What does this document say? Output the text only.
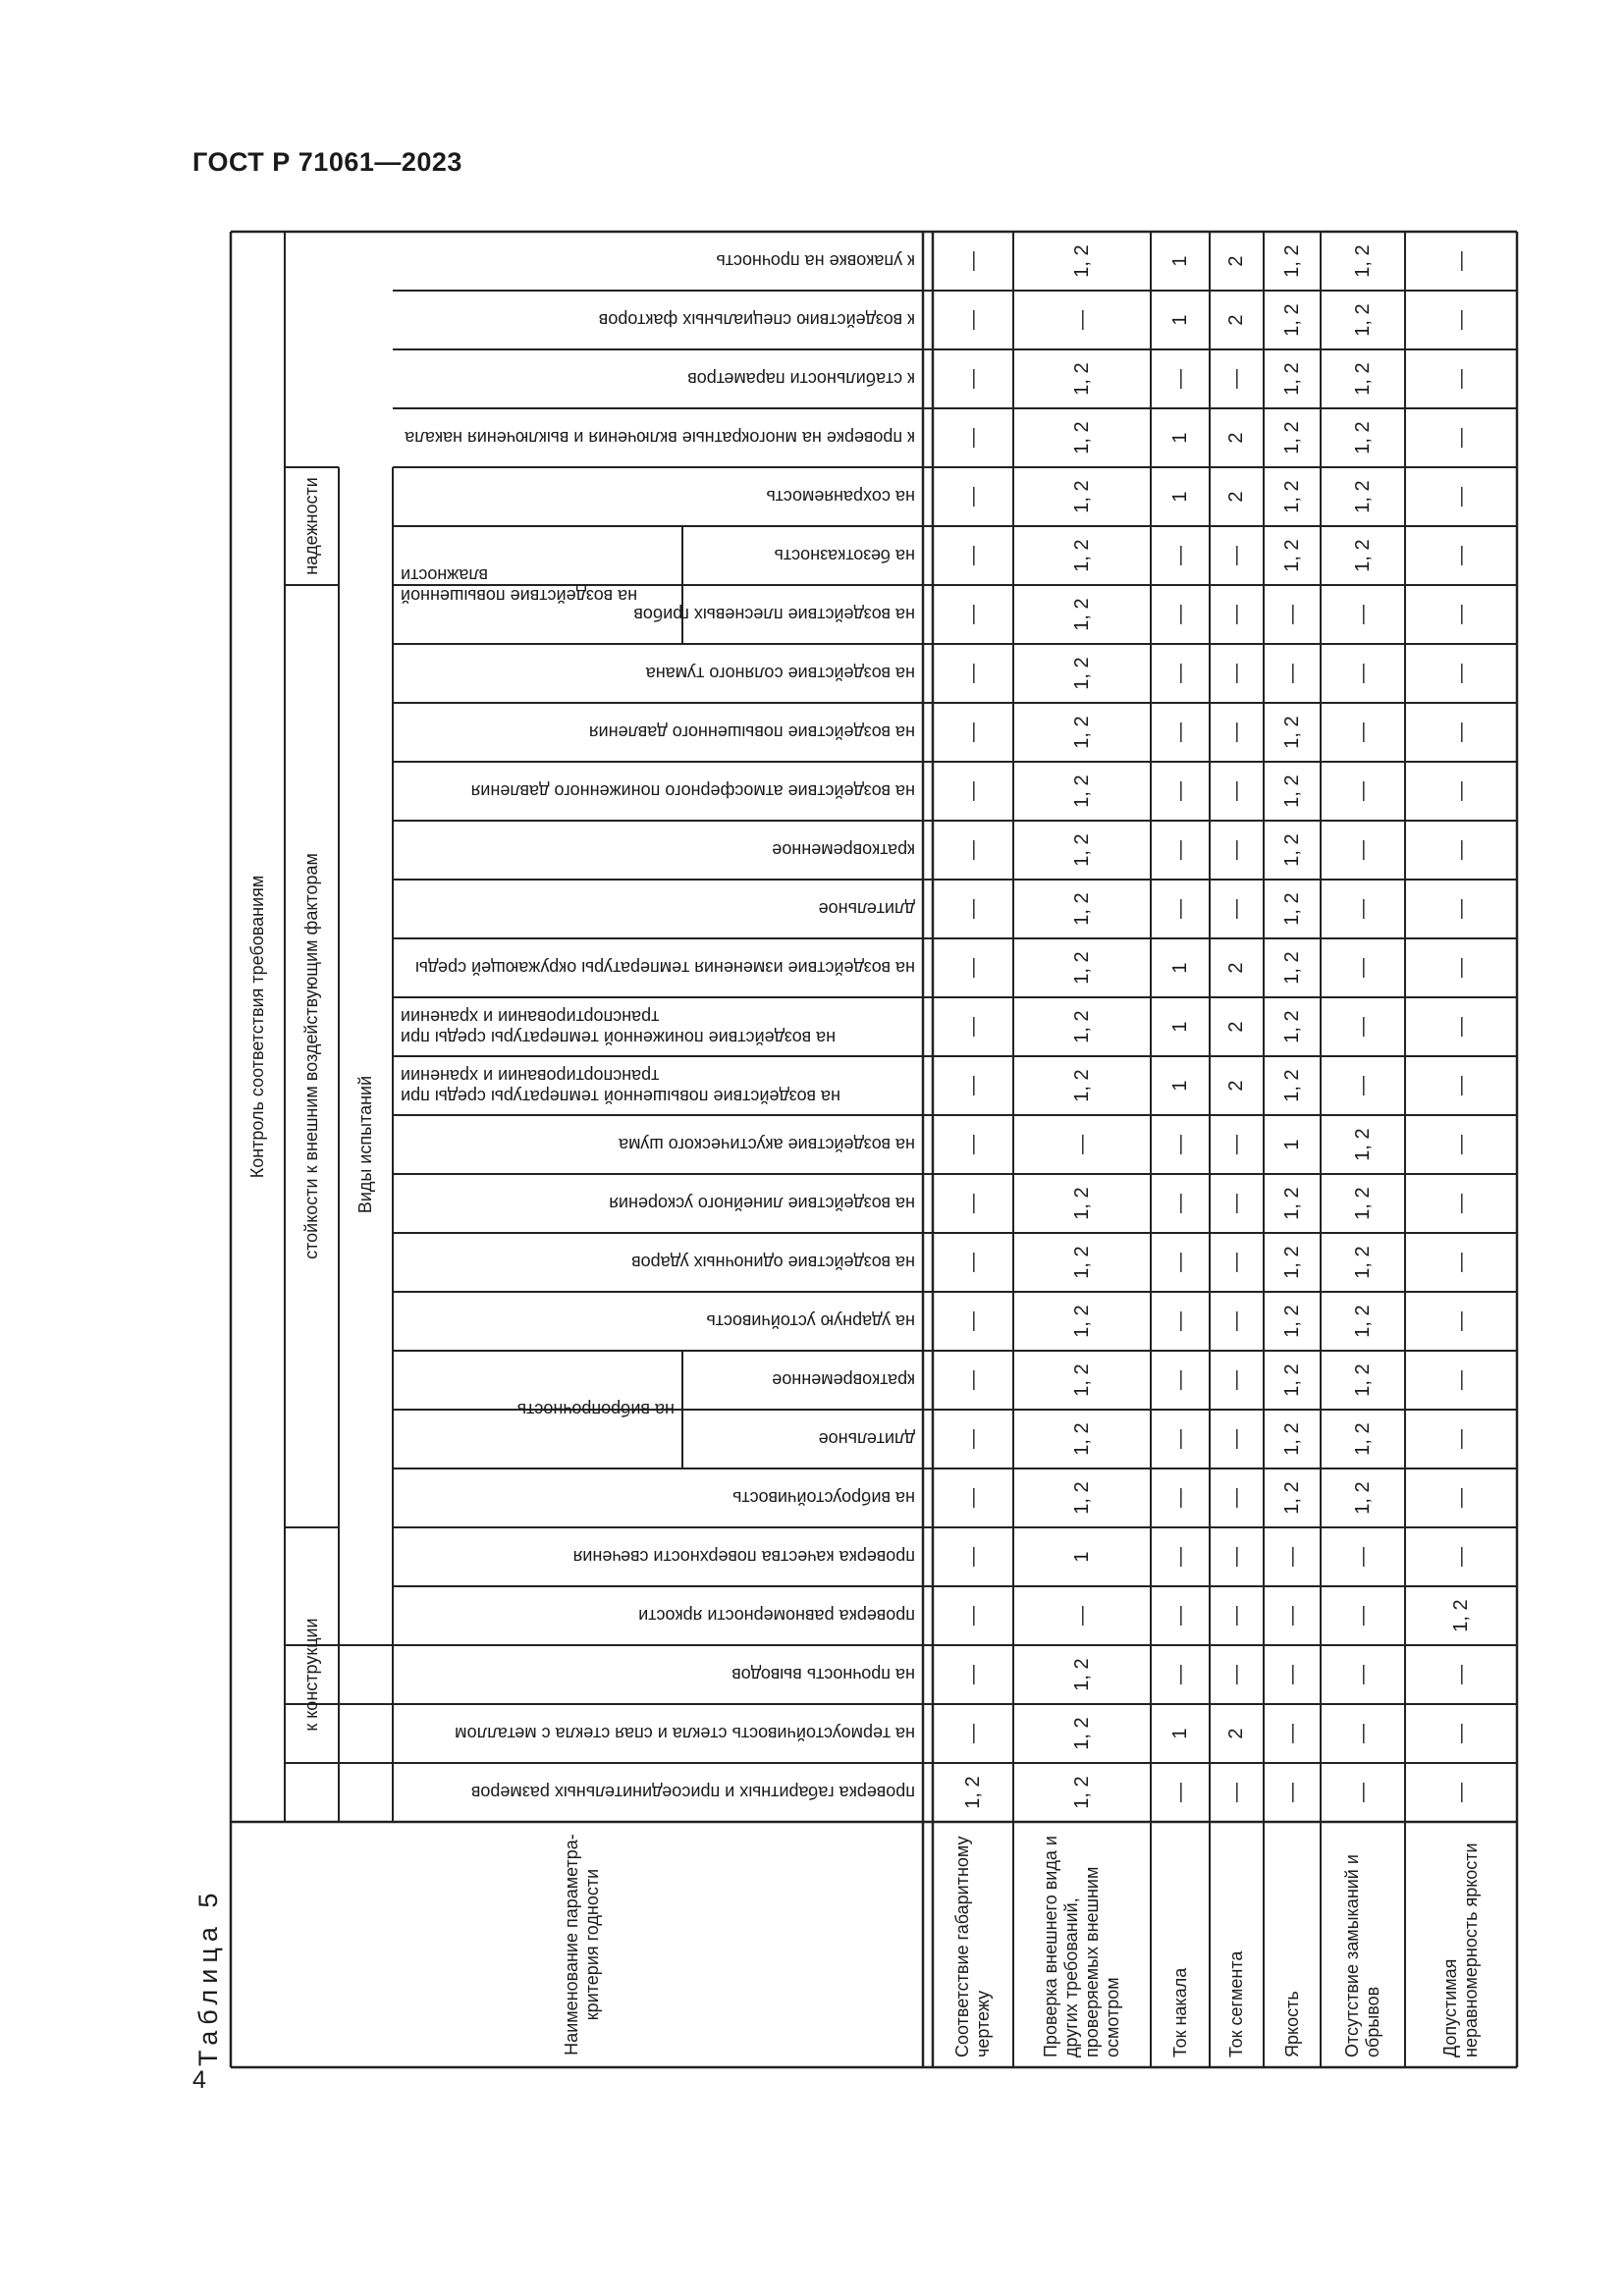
ГОСТ Р 71061—2023
4
Таблица 5
Контроль соответствия требованиям
к конструкции
стойкости к внешним воздействующим факторам
надежности
Виды испытаний
к упаковке на прочность
к воздействию специальных факторов
к стабильности параметров
к проверке на многократные включения и выключения накала
на сохраняемость
на безотказность
на воздействие плесневых грибов
на воздействие соляного тумана
на воздействие повышенного давления
на воздействие атмосферного пониженного давления
кратковременное
длительное
на воздействие изменения температуры окружающей среды
на воздействие пониженной температуры среды при транспортировании и хранении
на воздействие повышенной температуры среды при транспортировании и хранении
на воздействие акустического шума
на воздействие линейного ускорения
на воздействие одиночных ударов
на ударную устойчивость
кратковременное
длительное
на виброустойчивость
проверка качества поверхности свечения
проверка равномерности яркости
на прочность выводов
на термоустойчивость стекла и спая стекла с металлом
проверка габаритных и присоединительных размеров
на вибропрочность
на воздействие повышенной влажности
Наименование параметра-критерия годности	Соответствие габаритному чертежу
1, 2
—
—
—
—
—
—
—
—
—
—
—
—
—
—
—
—
—
—
—
—
—
—
—
—
—
—
Проверка внешнего вида и других требований, проверяемых внешним осмотром
1, 2
1, 2
1, 2
—
1
1, 2
1, 2
1, 2
1, 2
1, 2
1, 2
—
1, 2
1, 2
1, 2
1, 2
1, 2
1, 2
1, 2
1, 2
1, 2
1, 2
1, 2
1, 2
1, 2
—
1, 2
Ток накала
—
1
—
—
—
—
—
—
—
—
—
—
1
1
1
—
—
—
—
—
—
—
1
1
—
1
1
Ток сегмента
—
2
—
—
—
—
—
—
—
—
—
—
2
2
2
—
—
—
—
—
—
—
2
2
—
2
2
Яркость
—
—
—
—
—
1, 2
1, 2
1, 2
1, 2
1, 2
1, 2
1
1, 2
1, 2
1, 2
1, 2
1, 2
1, 2
1, 2
—
—
1, 2
1, 2
1, 2
1, 2
1, 2
1, 2
Отсутствие замыканий и обрывов
—
—
—
—
—
1, 2
1, 2
1, 2
1, 2
1, 2
1, 2
1, 2
—
—
—
—
—
—
—
—
—
1, 2
1, 2
1, 2
1, 2
1, 2
1, 2
Допустимая неравномерность яркости
—
—
—
1, 2
—
—
—
—
—
—
—
—
—
—
—
—
—
—
—
—
—
—
—
—
—
—
—
